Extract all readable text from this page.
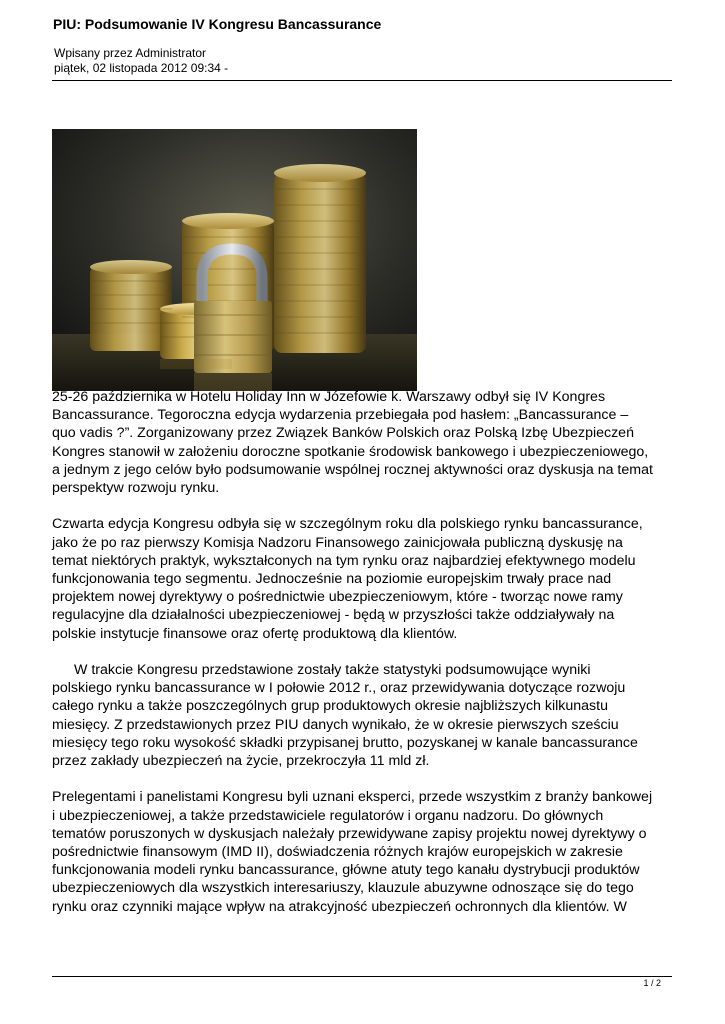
PIU: Podsumowanie IV Kongresu Bancassurance
Wpisany przez Administrator
piątek, 02 listopada 2012 09:34 -

25-26 października w Hotelu Holiday Inn w Józefowie k. Warszawy odbył się IV Kongres
Bancassurance. Tegoroczna edycja wydarzenia przebiegała pod hasłem: „Bancassurance –
quo vadis ?”. Zorganizowany przez Związek Banków Polskich oraz Polską Izbę Ubezpieczeń
Kongres stanowił w założeniu doroczne spotkanie środowisk bankowego i ubezpieczeniowego,
a jednym z jego celów było podsumowanie wspólnej rocznej aktywności oraz dyskusja na temat
perspektyw rozwoju rynku.

Czwarta edycja Kongresu odbyła się w szczególnym roku dla polskiego rynku bancassurance,
jako że po raz pierwszy Komisja Nadzoru Finansowego zainicjowała publiczną dyskusję na
temat niektórych praktyk, wykształconych na tym rynku oraz najbardziej efektywnego modelu
funkcjonowania tego segmentu. Jednocześnie na poziomie europejskim trwały prace nad
projektem nowej dyrektywy o pośrednictwie ubezpieczeniowym, które - tworząc nowe ramy
regulacyjne dla działalności ubezpieczeniowej - będą w przyszłości także oddziaływały na
polskie instytucje finansowe oraz ofertę produktową dla klientów.

W trakcie Kongresu przedstawione zostały także statystyki podsumowujące wyniki
polskiego rynku bancassurance w I połowie 2012 r., oraz przewidywania dotyczące rozwoju
całego rynku a także poszczególnych grup produktowych okresie najbliższych kilkunastu
miesięcy. Z przedstawionych przez PIU danych wynikało, że w okresie pierwszych sześciu
miesięcy tego roku wysokość składki przypisanej brutto, pozyskanej w kanale bancassurance
przez zakłady ubezpieczeń na życie, przekroczyła 11 mld zł.

Prelegentami i panelistami Kongresu byli uznani eksperci, przede wszystkim z branży bankowej
i ubezpieczeniowej, a także przedstawiciele regulatorów i organu nadzoru. Do głównych
tematów poruszonych w dyskusjach należały przewidywane zapisy projektu nowej dyrektywy o
pośrednictwie finansowym (IMD II), doświadczenia różnych krajów europejskich w zakresie
funkcjonowania modeli rynku bancassurance, główne atuty tego kanału dystrybucji produktów
ubezpieczeniowych dla wszystkich interesariuszy, klauzule abuzywne odnoszące się do tego
rynku oraz czynniki mające wpływ na atrakcyjność ubezpieczeń ochronnych dla klientów. W

1 / 2
